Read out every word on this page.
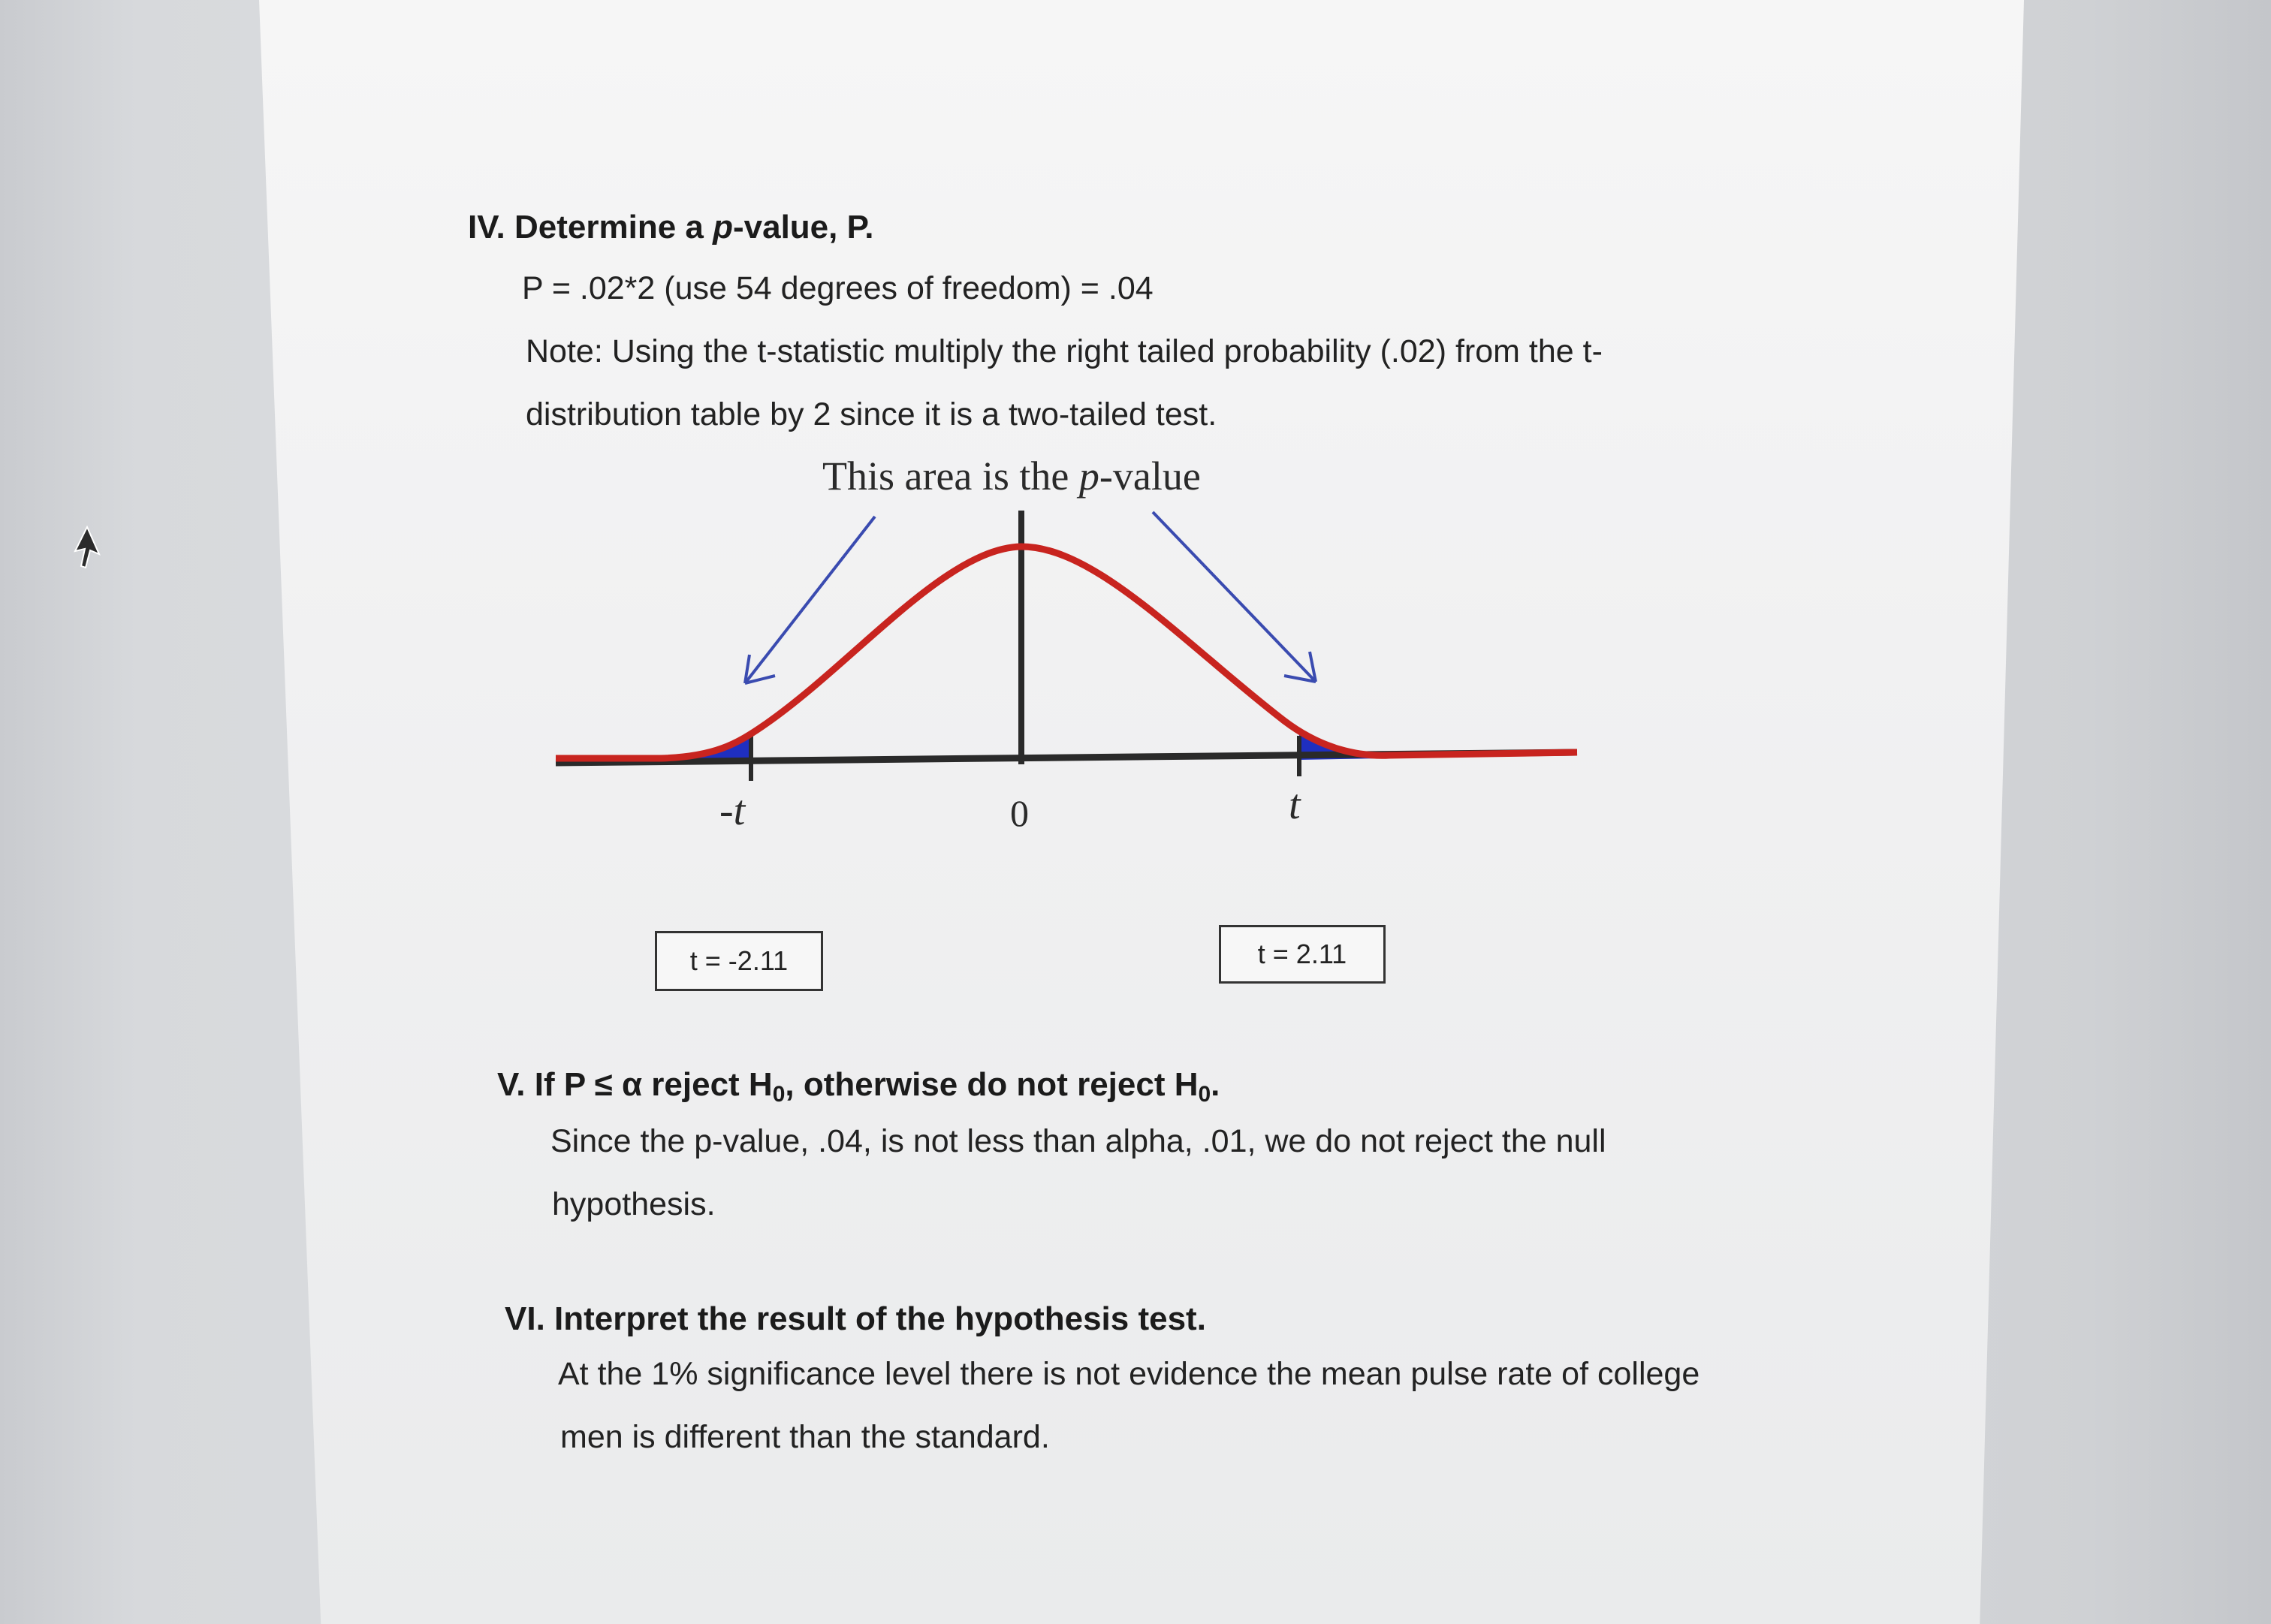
IV. Determine a p-value, P.
P = .02*2 (use 54 degrees of freedom) = .04
Note: Using the t-statistic multiply the right tailed probability (.02) from the t-
distribution table by 2 since it is a two-tailed test.
This area is the p-value
-t	0	t
t = -2.11	t = 2.11
V. If P ≤ α reject $H_0$, otherwise do not reject $H_0$.
Since the p-value, .04, is not less than alpha, .01, we do not reject the null
hypothesis.
VI. Interpret the result of the hypothesis test.
At the 1% significance level there is not evidence the mean pulse rate of college
men is different than the standard.
